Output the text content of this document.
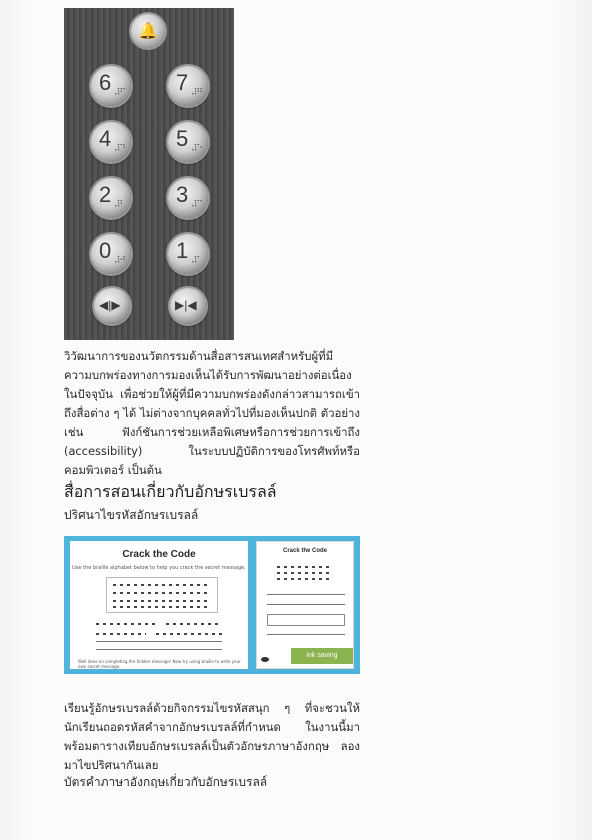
🔔
6 ⠼⠋ 7 ⠼⠛
4 ⠼⠙ 5 ⠼⠑
2 ⠼⠃ 3 ⠼⠉
0 ⠼⠚ 1 ⠼⠁
◀|▶	▶|◀
วิวัฒนาการของนวัตกรรมด้านสื่อสารสนเทศสำหรับผู้ที่มีความบกพร่องทางการมองเห็นได้รับการพัฒนาอย่างต่อเนื่องในปัจจุบัน เพื่อช่วยให้ผู้ที่มีความบกพร่องดังกล่าวสามารถเข้าถึงสื่อต่าง ๆ ได้ ไม่ต่างจากบุคคลทั่วไปที่มองเห็นปกติ ตัวอย่างเช่น ฟังก์ชันการช่วยเหลือพิเศษหรือการช่วยการเข้าถึง (accessibility) ในระบบปฏิบัติการของโทรศัพท์หรือคอมพิวเตอร์ เป็นต้น
สื่อการสอนเกี่ยวกับอักษรเบรลล์
ปริศนาไขรหัสอักษรเบรลล์
Crack the Code
Use the braille alphabet below to help you crack the secret message.
Well done on completing the hidden message! Now try using braille to write your own secret message.
Crack the Code
ink saving
เรียนรู้อักษรเบรลล์ด้วยกิจกรรมไขรหัสสนุก ๆ ที่จะชวนให้นักเรียนถอดรหัสคำจากอักษรเบรลล์ที่กำหนด ในงานนี้มาพร้อมตารางเทียบอักษรเบรลล์เป็นตัวอักษรภาษาอังกฤษ ลองมาไขปริศนากันเลย
บัตรคำภาษาอังกฤษเกี่ยวกับอักษรเบรลล์
